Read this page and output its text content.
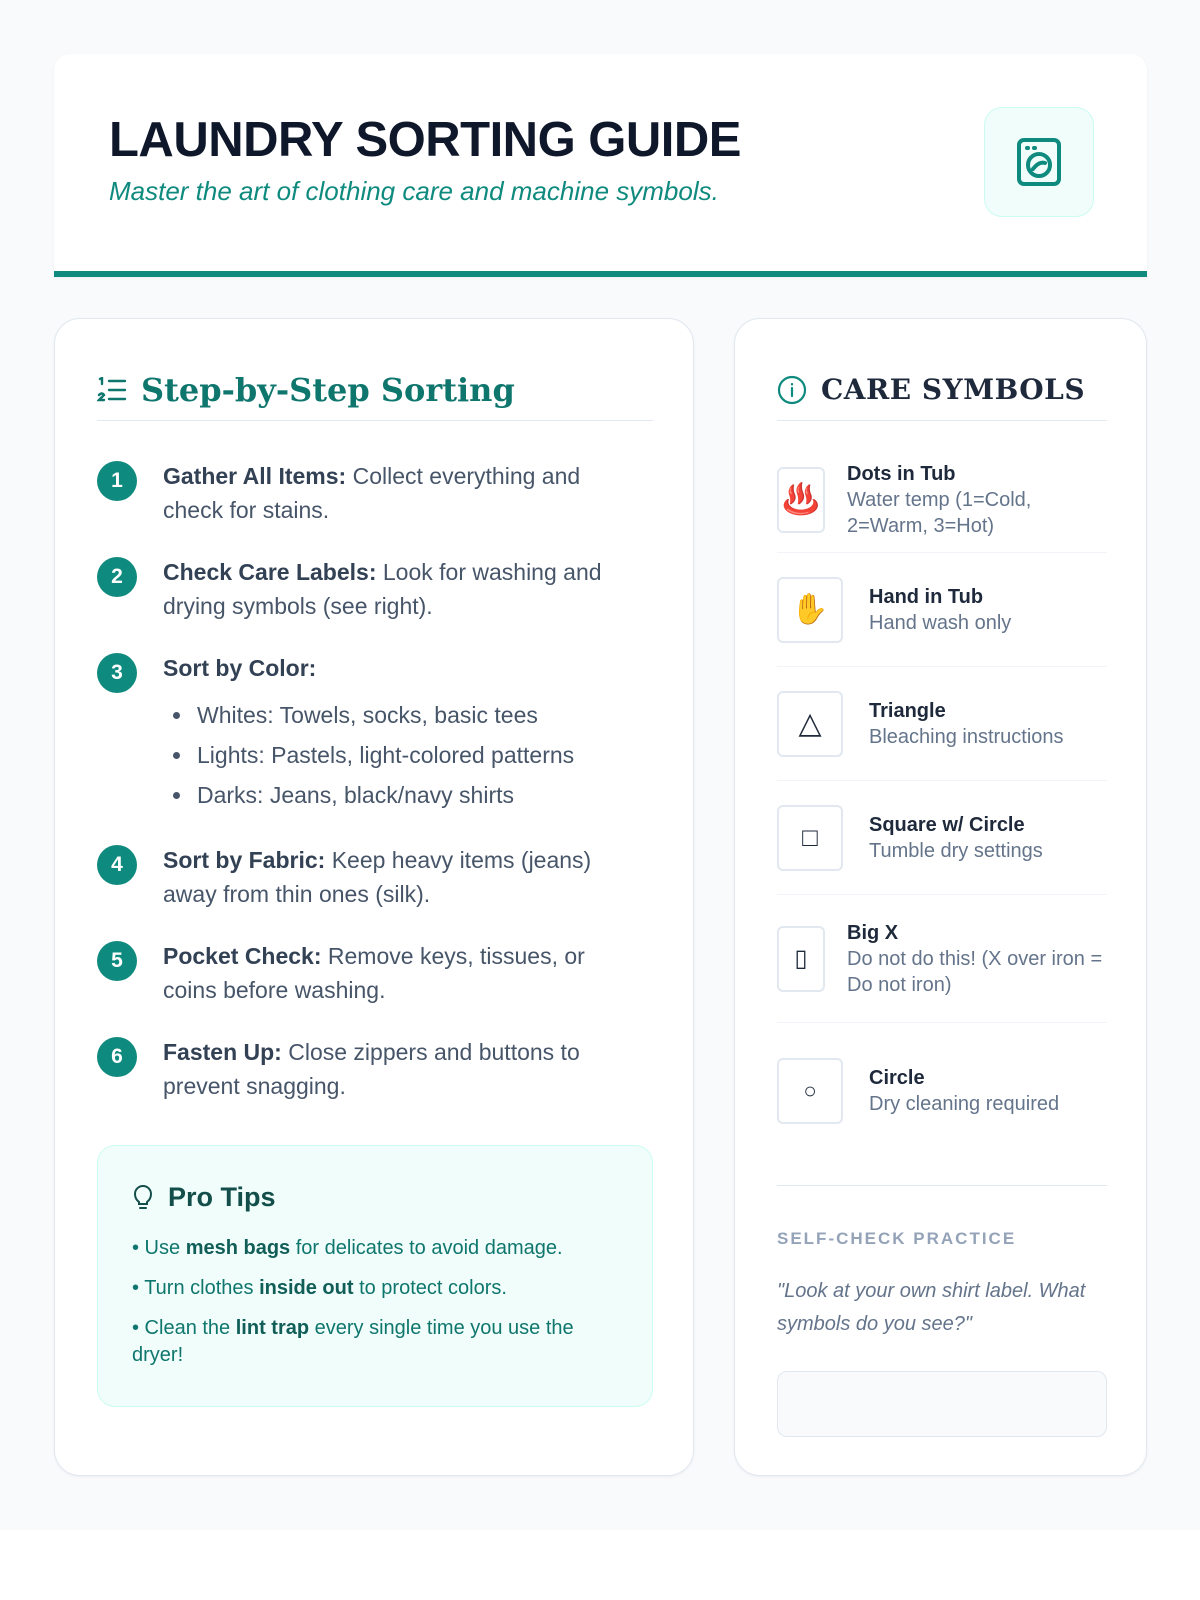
LAUNDRY SORTING GUIDE
Master the art of clothing care and machine symbols.
Step-by-Step Sorting
1	Gather All Items: Collect everything and check for stains.
2	Check Care Labels: Look for washing and drying symbols (see right).
3	Sort by Color:
Whites: Towels, socks, basic tees
Lights: Pastels, light-colored patterns
Darks: Jeans, black/navy shirts
4	Sort by Fabric: Keep heavy items (jeans) away from thin ones (silk).
5	Pocket Check: Remove keys, tissues, or coins before washing.
6	Fasten Up: Close zippers and buttons to prevent snagging.
Pro Tips
• Use mesh bags for delicates to avoid damage.
• Turn clothes inside out to protect colors.
• Clean the lint trap every single time you use the dryer!
CARE SYMBOLS
♨️
Dots in Tub
Water temp (1=Cold, 2=Warm, 3=Hot)
✋	Hand in Tub
Hand wash only
△	Triangle
Bleaching instructions
□	Square w/ Circle
Tumble dry settings
▯
Big X
Do not do this! (X over iron = Do not iron)
○	Circle
Dry cleaning required
SELF-CHECK PRACTICE
"Look at your own shirt label. What symbols do you see?"
